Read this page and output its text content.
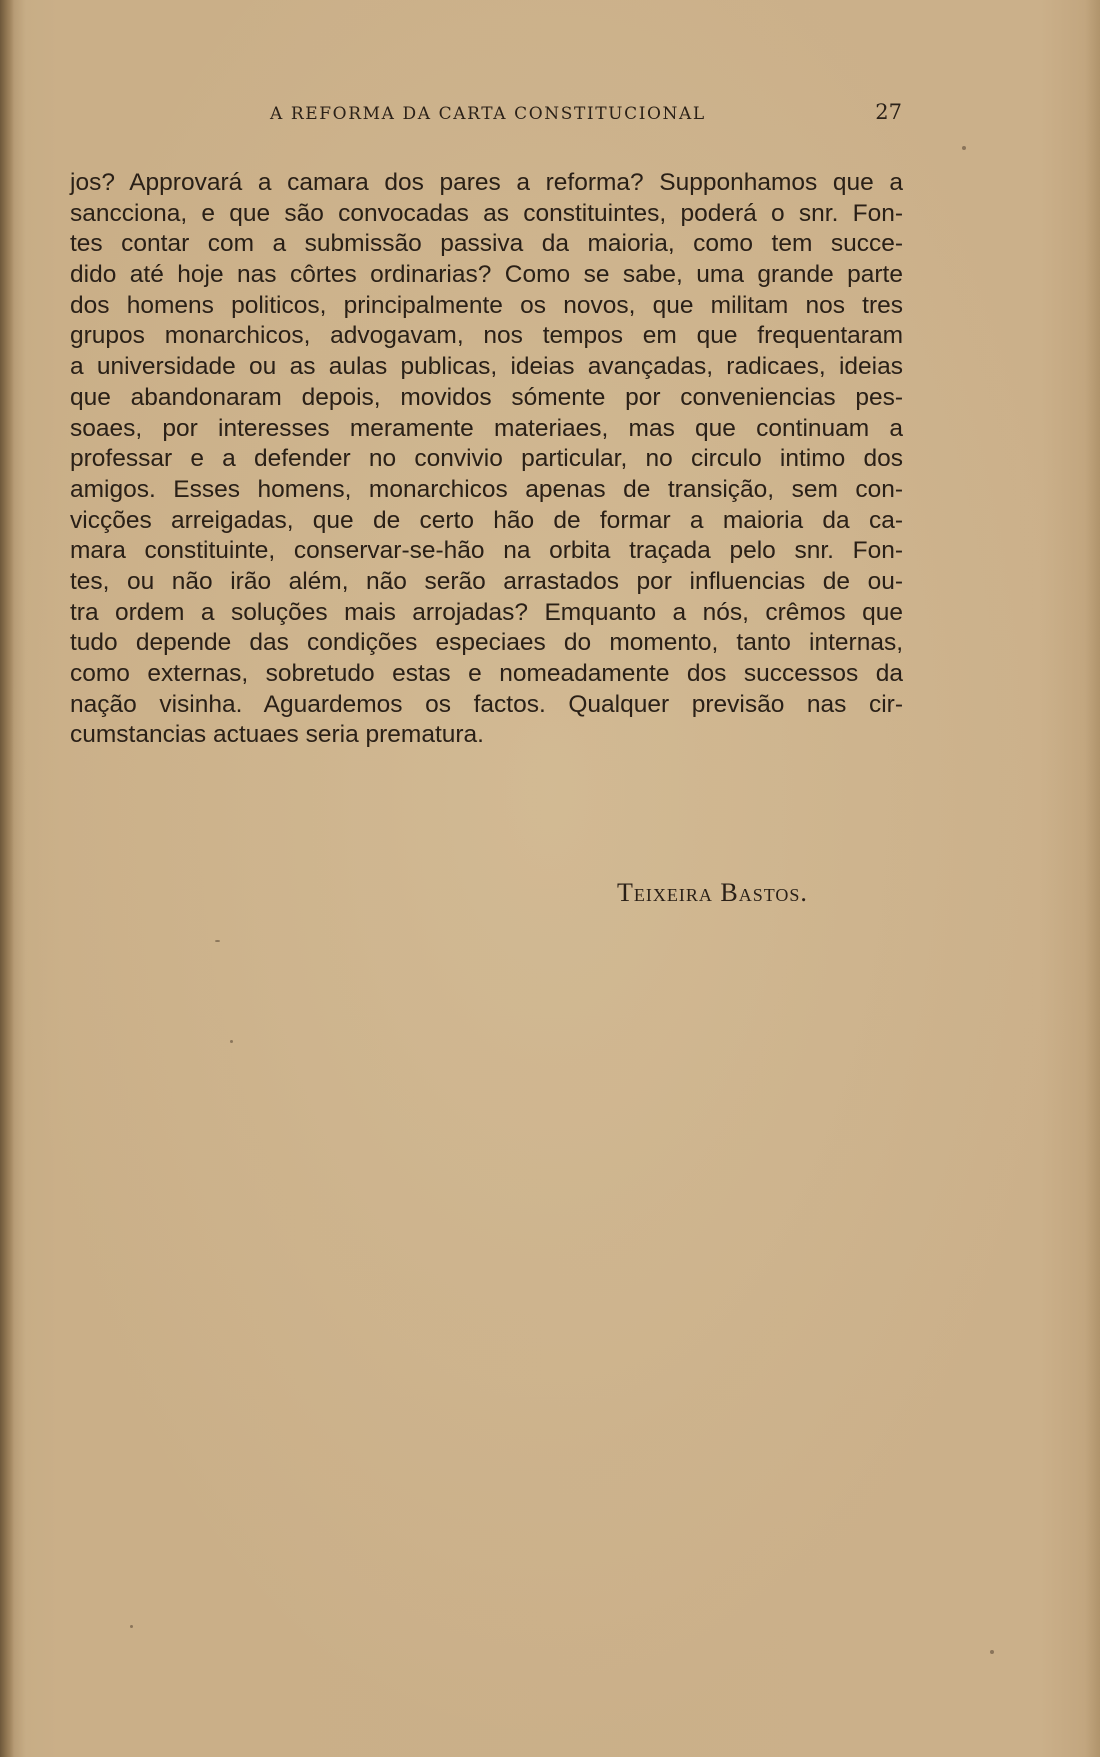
A REFORMA DA CARTA CONSTITUCIONAL	27
jos? Approvará a camara dos pares a reforma? Supponhamos que a
sancciona, e que são convocadas as constituintes, poderá o snr. Fon-
tes contar com a submissão passiva da maioria, como tem succe-
dido até hoje nas côrtes ordinarias? Como se sabe, uma grande parte
dos homens politicos, principalmente os novos, que militam nos tres
grupos monarchicos, advogavam, nos tempos em que frequentaram
a universidade ou as aulas publicas, ideias avançadas, radicaes, ideias
que abandonaram depois, movidos sómente por conveniencias pes-
soaes, por interesses meramente materiaes, mas que continuam a
professar e a defender no convivio particular, no circulo intimo dos
amigos. Esses homens, monarchicos apenas de transição, sem con-
vicções arreigadas, que de certo hão de formar a maioria da ca-
mara constituinte, conservar-se-hão na orbita traçada pelo snr. Fon-
tes, ou não irão além, não serão arrastados por influencias de ou-
tra ordem a soluções mais arrojadas? Emquanto a nós, crêmos que
tudo depende das condições especiaes do momento, tanto internas,
como externas, sobretudo estas e nomeadamente dos successos da
nação visinha. Aguardemos os factos. Qualquer previsão nas cir-
cumstancias actuaes seria prematura.
Teixeira Bastos.
